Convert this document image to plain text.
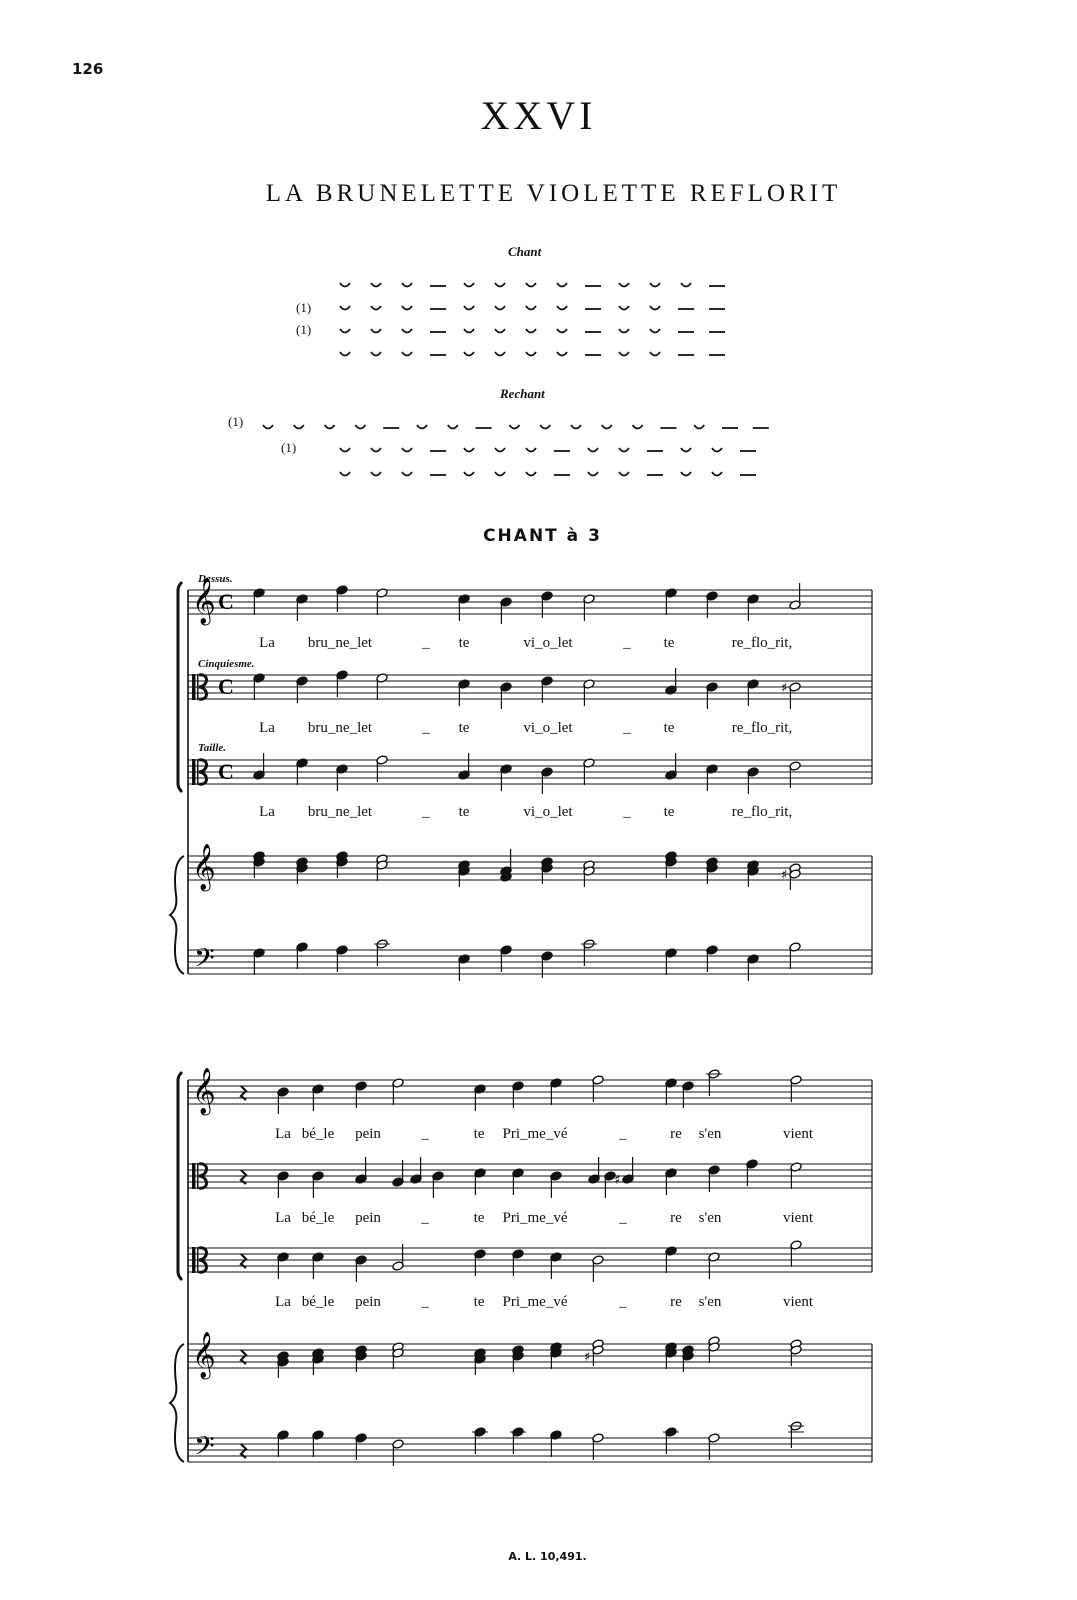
126
XXVI
LA BRUNELETTE VIOLETTE REFLORIT
Chant
Rechant
(1)
(1)
(1)
(1)
CHANT à 3
Dessus.
Cinquiesme.
Taille.
𝄞 C
C
C
𝄞
𝄢
𝄞
𝄞
𝄢
♯
♯
♯
♯
La bru_ne_let	_ te	vi_o_let	_ te	re_flo_rit,
La bru_ne_let	_ te	vi_o_let	_ te	re_flo_rit,
La bru_ne_let	_ te	vi_o_let	_ te	re_flo_rit,
La bé_le pein	_	te Pri_me_vé	_	re s'en	vient
La bé_le pein	_	te Pri_me_vé	_	re s'en	vient
La bé_le pein	_	te Pri_me_vé	_	re s'en	vient
A. L. 10,491.
